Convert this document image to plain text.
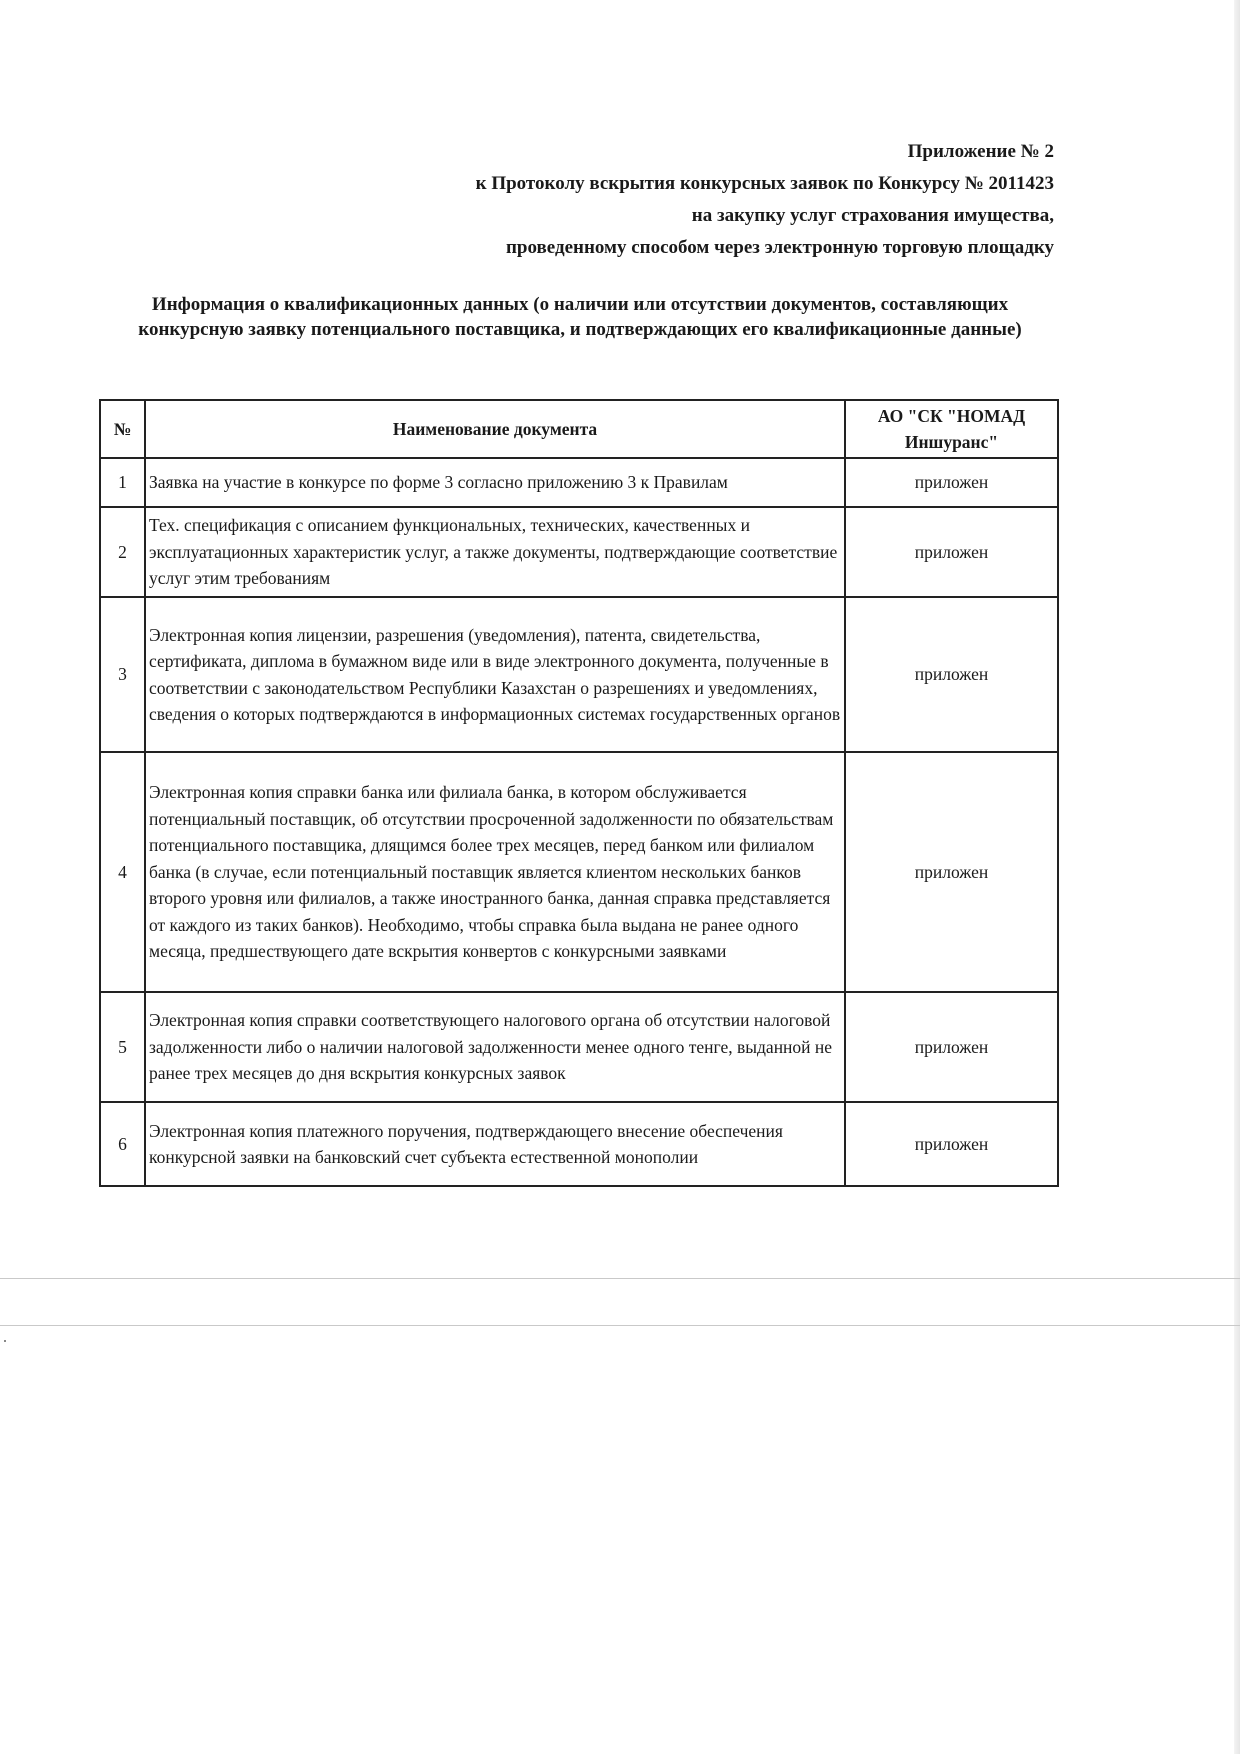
Приложение № 2
к Протоколу вскрытия конкурсных заявок по Конкурсу № 2011423
на закупку услуг страхования имущества,
проведенному способом через электронную торговую площадку
Информация о квалификационных данных (о наличии или отсутствии документов, составляющих конкурсную заявку потенциального поставщика, и подтверждающих его квалификационные данные)
№	Наименование документа	АО "СК "НОМАД Иншуранс"
1	Заявка на участие в конкурсе по форме 3 согласно приложению 3 к Правилам	приложен
2	Тех. спецификация с описанием функциональных, технических, качественных и эксплуатационных характеристик услуг, а также документы, подтверждающие соответствие услуг этим требованиям	приложен
3	Электронная копия лицензии, разрешения (уведомления), патента, свидетельства, сертификата, диплома в бумажном виде или в виде электронного документа, полученные в соответствии с законодательством Республики Казахстан о разрешениях и уведомлениях, сведения о которых подтверждаются в информационных системах государственных органов	приложен
4	Электронная копия справки банка или филиала банка, в котором обслуживается потенциальный поставщик, об отсутствии просроченной задолженности по обязательствам потенциального поставщика, длящимся более трех месяцев, перед банком или филиалом банка (в случае, если потенциальный поставщик является клиентом нескольких банков второго уровня или филиалов, а также иностранного банка, данная справка представляется от каждого из таких банков). Необходимо, чтобы справка была выдана не ранее одного месяца, предшествующего дате вскрытия конвертов с конкурсными заявками	приложен
5	Электронная копия справки соответствующего налогового органа об отсутствии налоговой задолженности либо о наличии налоговой задолженности менее одного тенге, выданной не ранее трех месяцев до дня вскрытия конкурсных заявок	приложен
6	Электронная копия платежного поручения, подтверждающего внесение обеспечения конкурсной заявки на банковский счет субъекта естественной монополии	приложен
